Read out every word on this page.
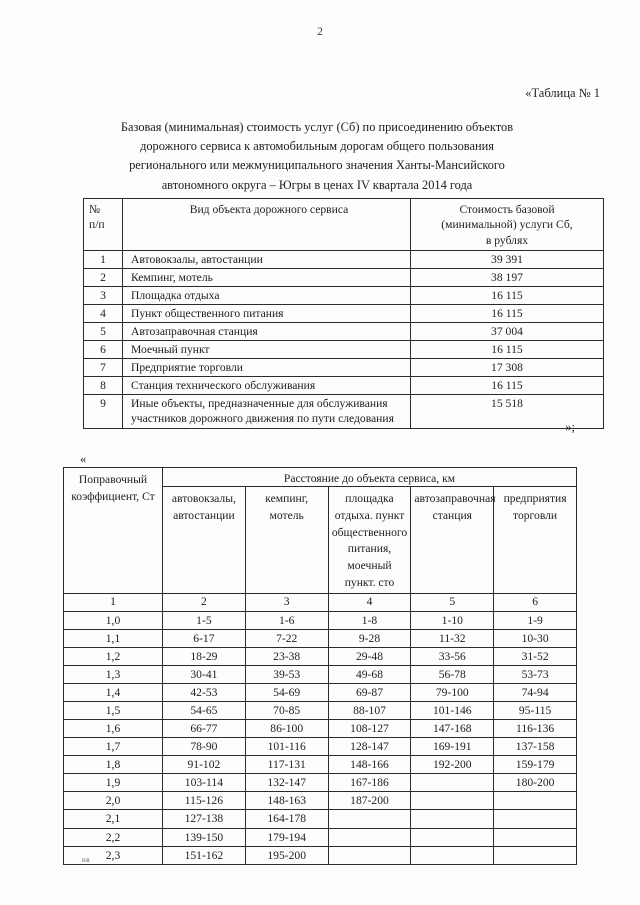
2
«Таблица № 1
Базовая (минимальная) стоимость услуг (Сб) по присоединению объектов
дорожного сервиса к автомобильным дорогам общего пользования
регионального или межмуниципального значения Ханты-Мансийского
автономного округа – Югры в ценах IV квартала 2014 года
№
п/п
	Вид объекта дорожного сервиса	Стоимость базовой
(минимальной) услуги Сб,
в рублях

1	Автовокзалы, автостанции	39 391
2	Кемпинг, мотель	38 197
3	Площадка отдыха	16 115
4	Пункт общественного питания	16 115
5	Автозаправочная станция	37 004
6	Моечный пункт	16 115
7	Предприятие торговли	17 308
8	Станция технического обслуживания	16 115
9	Иные объекты, предназначенные для обслуживания участников дорожного движения по пути следования	15 518
»;
«
Поправочный коэффициент, Ст	Расстояние до объекта сервиса, км				
	автовокзалы, автостанции	кемпинг, мотель	площадка отдыха. пункт общественного питания, моечный пункт. сто	автозаправочная станция	предприятия торговли
1	2	3	4	5	6
1,0	1-5	1-6	1-8	1-10	1-9
1,1	6-17	7-22	9-28	11-32	10-30
1,2	18-29	23-38	29-48	33-56	31-52
1,3	30-41	39-53	49-68	56-78	53-73
1,4	42-53	54-69	69-87	79-100	74-94
1,5	54-65	70-85	88-107	101-146	95-115
1,6	66-77	86-100	108-127	147-168	116-136
1,7	78-90	101-116	128-147	169-191	137-158
1,8	91-102	117-131	148-166	192-200	159-179
1,9	103-114	132-147	167-186		180-200
2,0	115-126	148-163	187-200		
2,1	127-138	164-178			
2,2	139-150	179-194			
2,3	151-162	195-200			
нв
